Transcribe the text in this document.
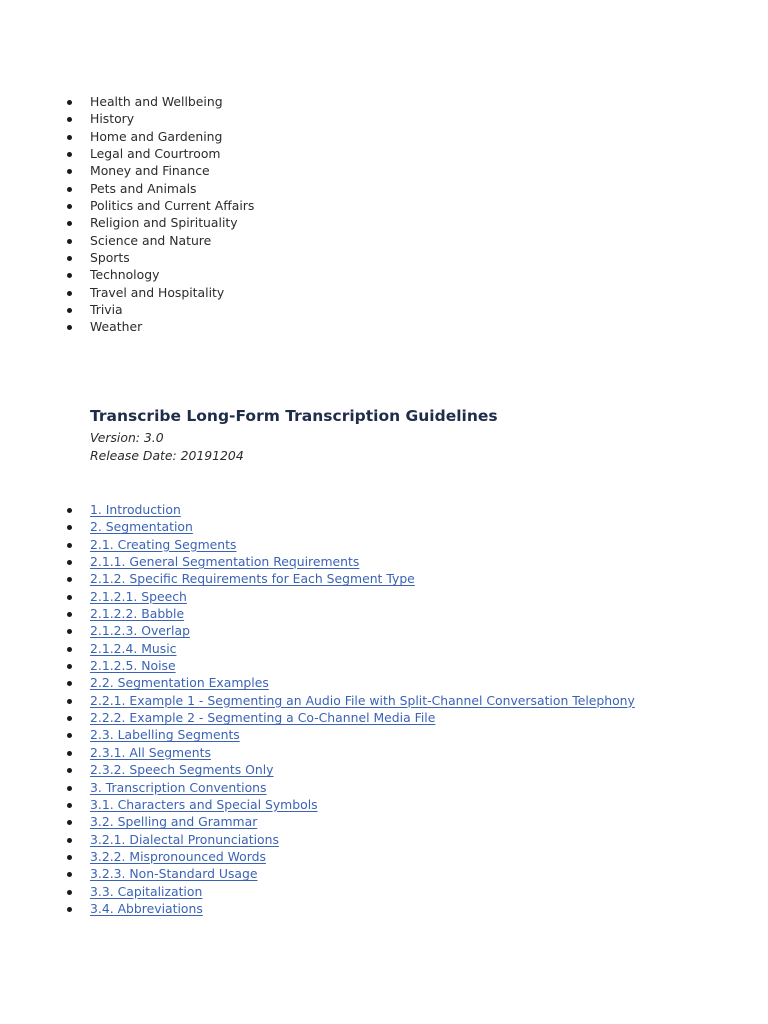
Health and Wellbeing
History
Home and Gardening
Legal and Courtroom
Money and Finance
Pets and Animals
Politics and Current Affairs
Religion and Spirituality
Science and Nature
Sports
Technology
Travel and Hospitality
Trivia
Weather
Transcribe Long-Form Transcription Guidelines
Version: 3.0
Release Date: 20191204
1. Introduction
2. Segmentation
2.1. Creating Segments
2.1.1. General Segmentation Requirements
2.1.2. Specific Requirements for Each Segment Type
2.1.2.1. Speech
2.1.2.2. Babble
2.1.2.3. Overlap
2.1.2.4. Music
2.1.2.5. Noise
2.2. Segmentation Examples
2.2.1. Example 1 - Segmenting an Audio File with Split-Channel Conversation Telephony
2.2.2. Example 2 - Segmenting a Co-Channel Media File
2.3. Labelling Segments
2.3.1. All Segments
2.3.2. Speech Segments Only
3. Transcription Conventions
3.1. Characters and Special Symbols
3.2. Spelling and Grammar
3.2.1. Dialectal Pronunciations
3.2.2. Mispronounced Words
3.2.3. Non-Standard Usage
3.3. Capitalization
3.4. Abbreviations
